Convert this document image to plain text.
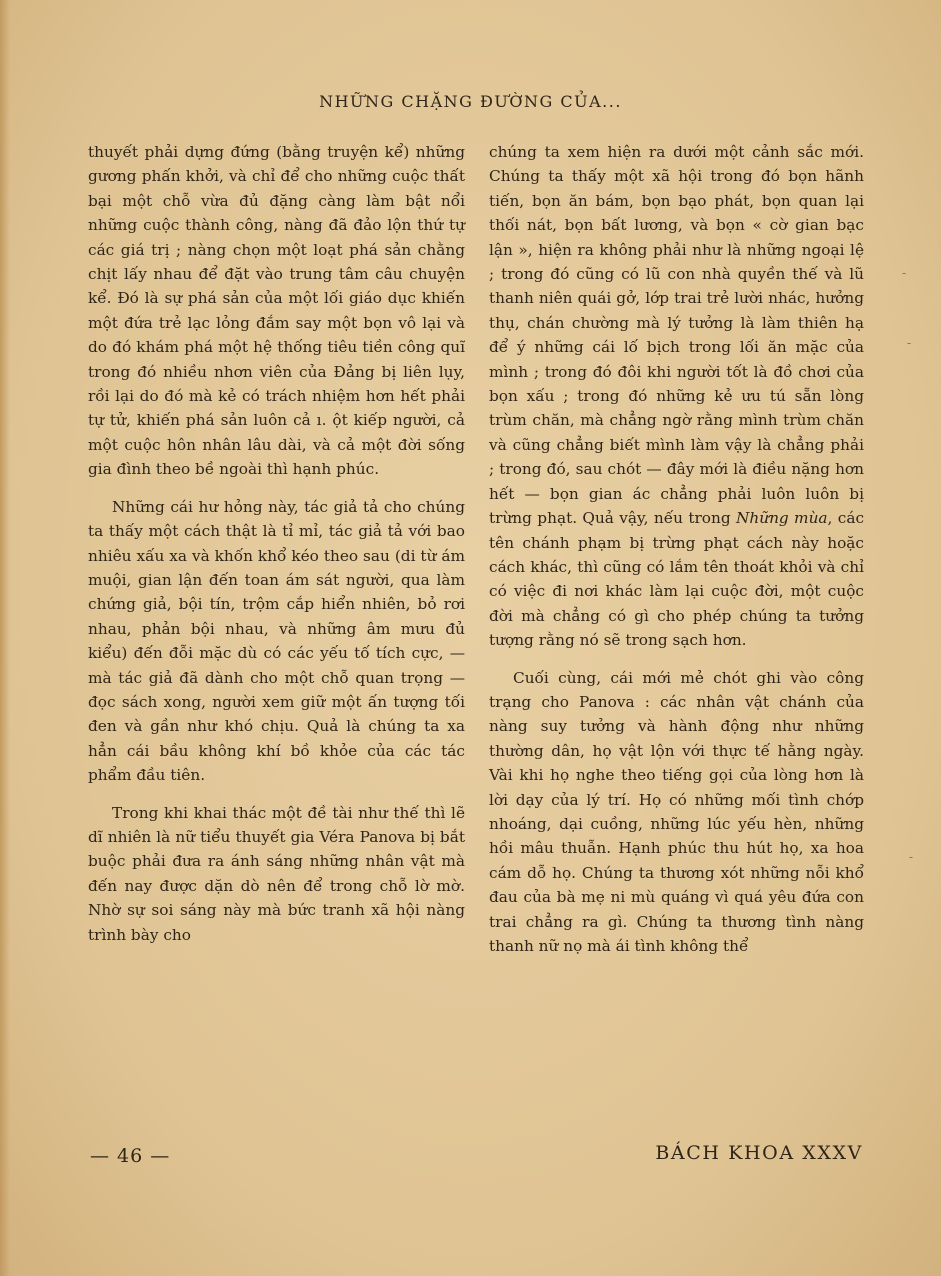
NHỮNG CHẶNG ĐƯỜNG CỦA...

thuyết phải dựng đứng (bằng truyện kể) những gương phấn khởi, và chỉ để cho những cuộc thất bại một chỗ vừa đủ đặng càng làm bật nổi những cuộc thành công, nàng đã đảo lộn thứ tự các giá trị ; nàng chọn một loạt phá sản chằng chịt lấy nhau để đặt vào trung tâm câu chuyện kể. Đó là sự phá sản của một lối giáo dục khiến một đứa trẻ lạc lỏng đắm say một bọn vô lại và do đó khám phá một hệ thống tiêu tiền công quĩ trong đó nhiều nhơn viên của Đảng bị liên lụy, rồi lại do đó mà kẻ có trách nhiệm hơn hết phải tự tử, khiến phá sản luôn cả ı. ột kiếp người, cả một cuộc hôn nhân lâu dài, và cả một đời sống gia đình theo bề ngoài thì hạnh phúc.

Những cái hư hỏng này, tác giả tả cho chúng ta thấy một cách thật là tỉ mỉ, tác giả tả với bao nhiêu xấu xa và khốn khổ kéo theo sau (di từ ám muội, gian lận đến toan ám sát người, qua làm chứng giả, bội tín, trộm cắp hiển nhiên, bỏ rơi nhau, phản bội nhau, và những âm mưu đủ kiểu) đến đỗi mặc dù có các yếu tố tích cực, — mà tác giả đã dành cho một chỗ quan trọng — đọc sách xong, người xem giữ một ấn tượng tối đen và gần như khó chịu. Quả là chúng ta xa hẳn cái bầu không khí bồ khỏe của các tác phẩm đầu tiên.

Trong khi khai thác một đề tài như thế thì lẽ dĩ nhiên là nữ tiểu thuyết gia Véra Panova bị bắt buộc phải đưa ra ánh sáng những nhân vật mà đến nay được dặn dò nên để trong chỗ lờ mờ. Nhờ sự soi sáng này mà bức tranh xã hội nàng trình bày cho

chúng ta xem hiện ra dưới một cảnh sắc mới. Chúng ta thấy một xã hội trong đó bọn hãnh tiến, bọn ăn bám, bọn bạo phát, bọn quan lại thối nát, bọn bất lương, và bọn « cờ gian bạc lận », hiện ra không phải như là những ngoại lệ ; trong đó cũng có lũ con nhà quyền thế và lũ thanh niên quái gở, lớp trai trẻ lười nhác, hưởng thụ, chán chường mà lý tưởng là làm thiên hạ để ý những cái lố bịch trong lối ăn mặc của mình ; trong đó đôi khi người tốt là đồ chơi của bọn xấu ; trong đó những kẻ ưu tú sẵn lòng trùm chăn, mà chẳng ngờ rằng mình trùm chăn và cũng chẳng biết mình làm vậy là chẳng phải ; trong đó, sau chót — đây mới là điều nặng hơn hết — bọn gian ác chẳng phải luôn luôn bị trừng phạt. Quả vậy, nếu trong Những mùa, các tên chánh phạm bị trừng phạt cách này hoặc cách khác, thì cũng có lắm tên thoát khỏi và chỉ có việc đi nơi khác làm lại cuộc đời, một cuộc đời mà chẳng có gì cho phép chúng ta tưởng tượng rằng nó sẽ trong sạch hơn.

Cuối cùng, cái mới mẻ chót ghi vào công trạng cho Panova : các nhân vật chánh của nàng suy tưởng và hành động như những thường dân, họ vật lộn với thực tế hằng ngày. Vài khi họ nghe theo tiếng gọi của lòng hơn là lời dạy của lý trí. Họ có những mối tình chớp nhoáng, dại cuồng, những lúc yếu hèn, những hồi mâu thuẫn. Hạnh phúc thu hút họ, xa hoa cám dỗ họ. Chúng ta thương xót những nỗi khổ đau của bà mẹ ni mù quáng vì quá yêu đứa con trai chẳng ra gì. Chúng ta thương tình nàng thanh nữ nọ mà ái tình không thể

— 46 —	BÁCH KHOA XXXV
-
-
-
